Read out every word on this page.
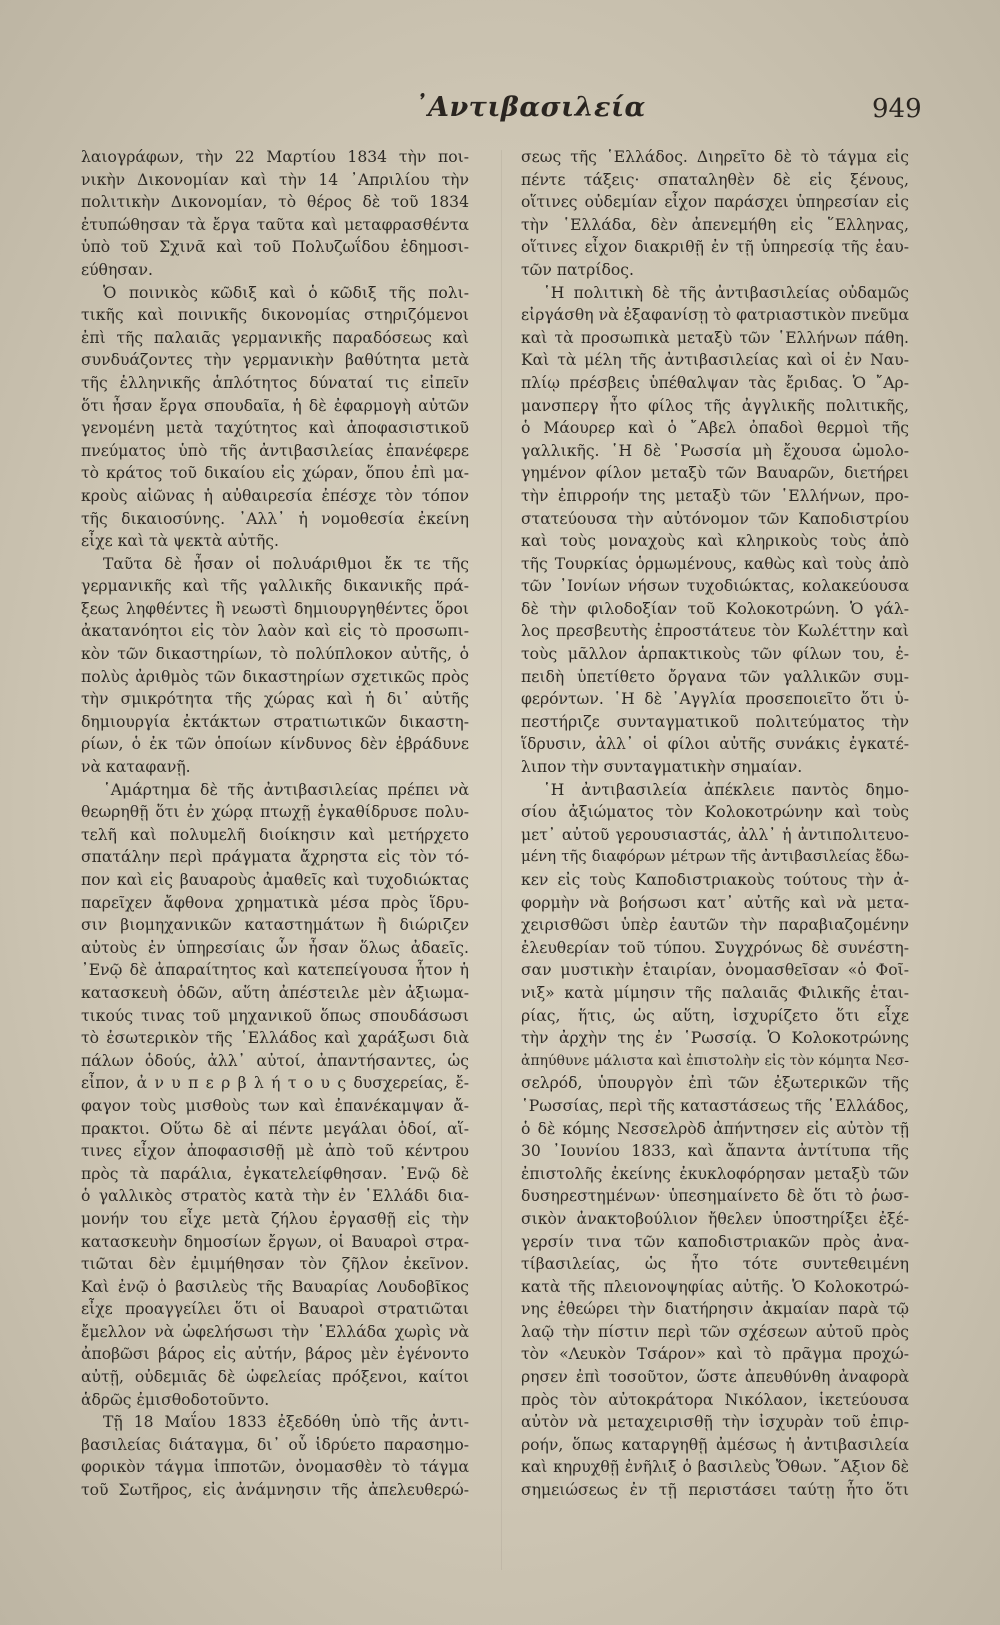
᾽Αντιβασιλεία	949
λαιογράφων, τὴν 22 Μαρτίου 1834 τὴν ποι-
νικὴν Δικονομίαν καὶ τὴν 14 ᾽Απριλίου τὴν
πολιτικὴν Δικονομίαν, τὸ θέρος δὲ τοῦ 1834
ἐτυπώθησαν τὰ ἔργα ταῦτα καὶ μεταφρασθέντα
ὑπὸ τοῦ Σχινᾶ καὶ τοῦ Πολυζωΐδου ἐδημοσι-
εύθησαν.
Ὁ ποινικὸς κῶδιξ καὶ ὁ κῶδιξ τῆς πολι-
τικῆς καὶ ποινικῆς δικονομίας στηριζόμενοι
ἐπὶ τῆς παλαιᾶς γερμανικῆς παραδόσεως καὶ
συνδυάζοντες τὴν γερμανικὴν βαθύτητα μετὰ
τῆς ἑλληνικῆς ἁπλότητος δύναταί τις εἰπεῖν
ὅτι ἦσαν ἔργα σπουδαῖα, ἡ δὲ ἐφαρμογὴ αὐτῶν
γενομένη μετὰ ταχύτητος καὶ ἀποφασιστικοῦ
πνεύματος ὑπὸ τῆς ἀντιβασιλείας ἐπανέφερε
τὸ κράτος τοῦ δικαίου εἰς χώραν, ὅπου ἐπὶ μα-
κροὺς αἰῶνας ἡ αὐθαιρεσία ἐπέσχε τὸν τόπον
τῆς δικαιοσύνης. ᾽Αλλ᾽ ἡ νομοθεσία ἐκείνη
εἶχε καὶ τὰ ψεκτὰ αὐτῆς.
Ταῦτα δὲ ἦσαν οἱ πολυάριθμοι ἔκ τε τῆς
γερμανικῆς καὶ τῆς γαλλικῆς δικανικῆς πρά-
ξεως ληφθέντες ἢ νεωστὶ δημιουργηθέντες ὅροι
ἀκατανόητοι εἰς τὸν λαὸν καὶ εἰς τὸ προσωπι-
κὸν τῶν δικαστηρίων, τὸ πολύπλοκον αὐτῆς, ὁ
πολὺς ἀριθμὸς τῶν δικαστηρίων σχετικῶς πρὸς
τὴν σμικρότητα τῆς χώρας καὶ ἡ δι᾽ αὐτῆς
δημιουργία ἐκτάκτων στρατιωτικῶν δικαστη-
ρίων, ὁ ἐκ τῶν ὁποίων κίνδυνος δὲν ἐβράδυνε
νὰ καταφανῇ.
῾Αμάρτημα δὲ τῆς ἀντιβασιλείας πρέπει νὰ
θεωρηθῇ ὅτι ἐν χώρᾳ πτωχῇ ἐγκαθίδρυσε πολυ-
τελῆ καὶ πολυμελῆ διοίκησιν καὶ μετήρχετο
σπατάλην περὶ πράγματα ἄχρηστα εἰς τὸν τό-
πον καὶ εἰς βαυαροὺς ἀμαθεῖς καὶ τυχοδιώκτας
παρεῖχεν ἄφθονα χρηματικὰ μέσα πρὸς ἵδρυ-
σιν βιομηχανικῶν καταστημάτων ἢ διώριζεν
αὐτοὺς ἐν ὑπηρεσίαις ὧν ἦσαν ὅλως ἀδαεῖς.
᾽Ενῷ δὲ ἀπαραίτητος καὶ κατεπείγουσα ἦτον ἡ
κατασκευὴ ὁδῶν, αὕτη ἀπέστειλε μὲν ἀξιωμα-
τικούς τινας τοῦ μηχανικοῦ ὅπως σπουδάσωσι
τὸ ἐσωτερικὸν τῆς ῾Ελλάδος καὶ χαράξωσι διὰ
πάλων ὁδούς, ἀλλ᾽ αὐτοί, ἀπαντήσαντες, ὡς
εἶπον, ἀ ν υ π ε ρ β λ ή τ ο υ ς δυσχερείας, ἔ-
φαγον τοὺς μισθοὺς των καὶ ἐπανέκαμψαν ἄ-
πρακτοι. Οὕτω δὲ αἱ πέντε μεγάλαι ὁδοί, αἵ-
τινες εἶχον ἀποφασισθῇ μὲ ἀπὸ τοῦ κέντρου
πρὸς τὰ παράλια, ἐγκατελείφθησαν. ᾽Ενῷ δὲ
ὁ γαλλικὸς στρατὸς κατὰ τὴν ἐν ῾Ελλάδι δια-
μονήν του εἶχε μετὰ ζήλου ἐργασθῇ εἰς τὴν
κατασκευὴν δημοσίων ἔργων, οἱ Βαυαροὶ στρα-
τιῶται δὲν ἐμιμήθησαν τὸν ζῆλον ἐκεῖνον.
Καὶ ἐνῷ ὁ βασιλεὺς τῆς Βαυαρίας Λουδοβῖκος
εἶχε προαγγείλει ὅτι οἱ Βαυαροὶ στρατιῶται
ἔμελλον νὰ ὠφελήσωσι τὴν ῾Ελλάδα χωρὶς νὰ
ἀποβῶσι βάρος εἰς αὐτήν, βάρος μὲν ἐγένοντο
αὐτῇ, οὐδεμιᾶς δὲ ὠφελείας πρόξενοι, καίτοι
ἁδρῶς ἐμισθοδοτοῦντο.
Τῇ 18 Μαΐου 1833 ἐξεδόθη ὑπὸ τῆς ἀντι-
βασιλείας διάταγμα, δι᾽ οὗ ἱδρύετο παρασημο-
φορικὸν τάγμα ἱπποτῶν, ὀνομασθὲν τὸ τάγμα
τοῦ Σωτῆρος, εἰς ἀνάμνησιν τῆς ἀπελευθερώ-
σεως τῆς ῾Ελλάδος. Διηρεῖτο δὲ τὸ τάγμα εἰς
πέντε τάξεις· σπαταληθὲν δὲ εἰς ξένους,
οἵτινες οὐδεμίαν εἶχον παράσχει ὑπηρεσίαν εἰς
τὴν ῾Ελλάδα, δὲν ἀπενεμήθη εἰς ῞Ελληνας,
οἵτινες εἶχον διακριθῇ ἐν τῇ ὑπηρεσίᾳ τῆς ἑαυ-
τῶν πατρίδος.
῾Η πολιτικὴ δὲ τῆς ἀντιβασιλείας οὐδαμῶς
εἰργάσθη νὰ ἐξαφανίσῃ τὸ φατριαστικὸν πνεῦμα
καὶ τὰ προσωπικὰ μεταξὺ τῶν ῾Ελλήνων πάθη.
Καὶ τὰ μέλη τῆς ἀντιβασιλείας καὶ οἱ ἐν Ναυ-
πλίῳ πρέσβεις ὑπέθαλψαν τὰς ἔριδας. Ὁ ῎Αρ-
μανσπεργ ἦτο φίλος τῆς ἀγγλικῆς πολιτικῆς,
ὁ Μάουρερ καὶ ὁ ῎Αβελ ὀπαδοὶ θερμοὶ τῆς
γαλλικῆς. ῾Η δὲ ῾Ρωσσία μὴ ἔχουσα ὡμολο-
γημένον φίλον μεταξὺ τῶν Βαυαρῶν, διετήρει
τὴν ἐπιρροήν της μεταξὺ τῶν ῾Ελλήνων, προ-
στατεύουσα τὴν αὐτόνομον τῶν Καποδιστρίου
καὶ τοὺς μοναχοὺς καὶ κληρικοὺς τοὺς ἀπὸ
τῆς Τουρκίας ὁρμωμένους, καθὼς καὶ τοὺς ἀπὸ
τῶν ᾽Ιονίων νήσων τυχοδιώκτας, κολακεύουσα
δὲ τὴν φιλοδοξίαν τοῦ Κολοκοτρώνη. Ὁ γάλ-
λος πρεσβευτὴς ἐπροστάτευε τὸν Κωλέττην καὶ
τοὺς μᾶλλον ἁρπακτικοὺς τῶν φίλων του, ἐ-
πειδὴ ὑπετίθετο ὄργανα τῶν γαλλικῶν συμ-
φερόντων. ῾Η δὲ ᾽Αγγλία προσεποιεῖτο ὅτι ὑ-
πεστήριζε συνταγματικοῦ πολιτεύματος τὴν
ἵδρυσιν, ἀλλ᾽ οἱ φίλοι αὐτῆς συνάκις ἐγκατέ-
λιπον τὴν συνταγματικὴν σημαίαν.
῾Η ἀντιβασιλεία ἀπέκλειε παντὸς δημο-
σίου ἀξιώματος τὸν Κολοκοτρώνην καὶ τοὺς
μετ᾽ αὐτοῦ γερουσιαστάς, ἀλλ᾽ ἡ ἀντιπολιτευο-
μένη τῆς διαφόρων μέτρων τῆς ἀντιβασιλείας ἔδω-
κεν εἰς τοὺς Καποδιστριακοὺς τούτους τὴν ἀ-
φορμὴν νὰ βοήσωσι κατ᾽ αὐτῆς καὶ νὰ μετα-
χειρισθῶσι ὑπὲρ ἑαυτῶν τὴν παραβιαζομένην
ἐλευθερίαν τοῦ τύπου. Συγχρόνως δὲ συνέστη-
σαν μυστικὴν ἑταιρίαν, ὀνομασθεῖσαν «ὁ Φοῖ-
νιξ» κατὰ μίμησιν τῆς παλαιᾶς Φιλικῆς ἑται-
ρίας, ἥτις, ὡς αὕτη, ἰσχυρίζετο ὅτι εἶχε
τὴν ἀρχὴν της ἐν ῾Ρωσσίᾳ. Ὁ Κολοκοτρώνης
ἀπηύθυνε μάλιστα καὶ ἐπιστολὴν εἰς τὸν κόμητα Νεσ-
σελρόδ, ὑπουργὸν ἐπὶ τῶν ἐξωτερικῶν τῆς
῾Ρωσσίας, περὶ τῆς καταστάσεως τῆς ῾Ελλάδος,
ὁ δὲ κόμης Νεσσελρὸδ ἀπήντησεν εἰς αὐτὸν τῇ
30 ᾽Ιουνίου 1833, καὶ ἄπαντα ἀντίτυπα τῆς
ἐπιστολῆς ἐκείνης ἐκυκλοφόρησαν μεταξὺ τῶν
δυσηρεστημένων· ὑπεσημαίνετο δὲ ὅτι τὸ ῥωσ-
σικὸν ἀνακτοβούλιον ἤθελεν ὑποστηρίξει ἐξέ-
γερσίν τινα τῶν καποδιστριακῶν πρὸς ἀνα-
τίβασιλείας, ὡς ἦτο τότε συντεθειμένη
κατὰ τῆς πλειονοψηφίας αὐτῆς. Ὁ Κολοκοτρώ-
νης ἐθεώρει τὴν διατήρησιν ἀκμαίαν παρὰ τῷ
λαῷ τὴν πίστιν περὶ τῶν σχέσεων αὐτοῦ πρὸς
τὸν «Λευκὸν Τσάρον» καὶ τὸ πρᾶγμα προχώ-
ρησεν ἐπὶ τοσοῦτον, ὥστε ἀπευθύνθη ἀναφορὰ
πρὸς τὸν αὐτοκράτορα Νικόλαον, ἱκετεύουσα
αὐτὸν νὰ μεταχειρισθῇ τὴν ἰσχυρὰν τοῦ ἐπιρ-
ροήν, ὅπως καταργηθῇ ἀμέσως ἡ ἀντιβασιλεία
καὶ κηρυχθῇ ἐνῆλιξ ὁ βασιλεὺς Ὄθων. ῎Αξιον δὲ
σημειώσεως ἐν τῇ περιστάσει ταύτῃ ἦτο ὅτι
